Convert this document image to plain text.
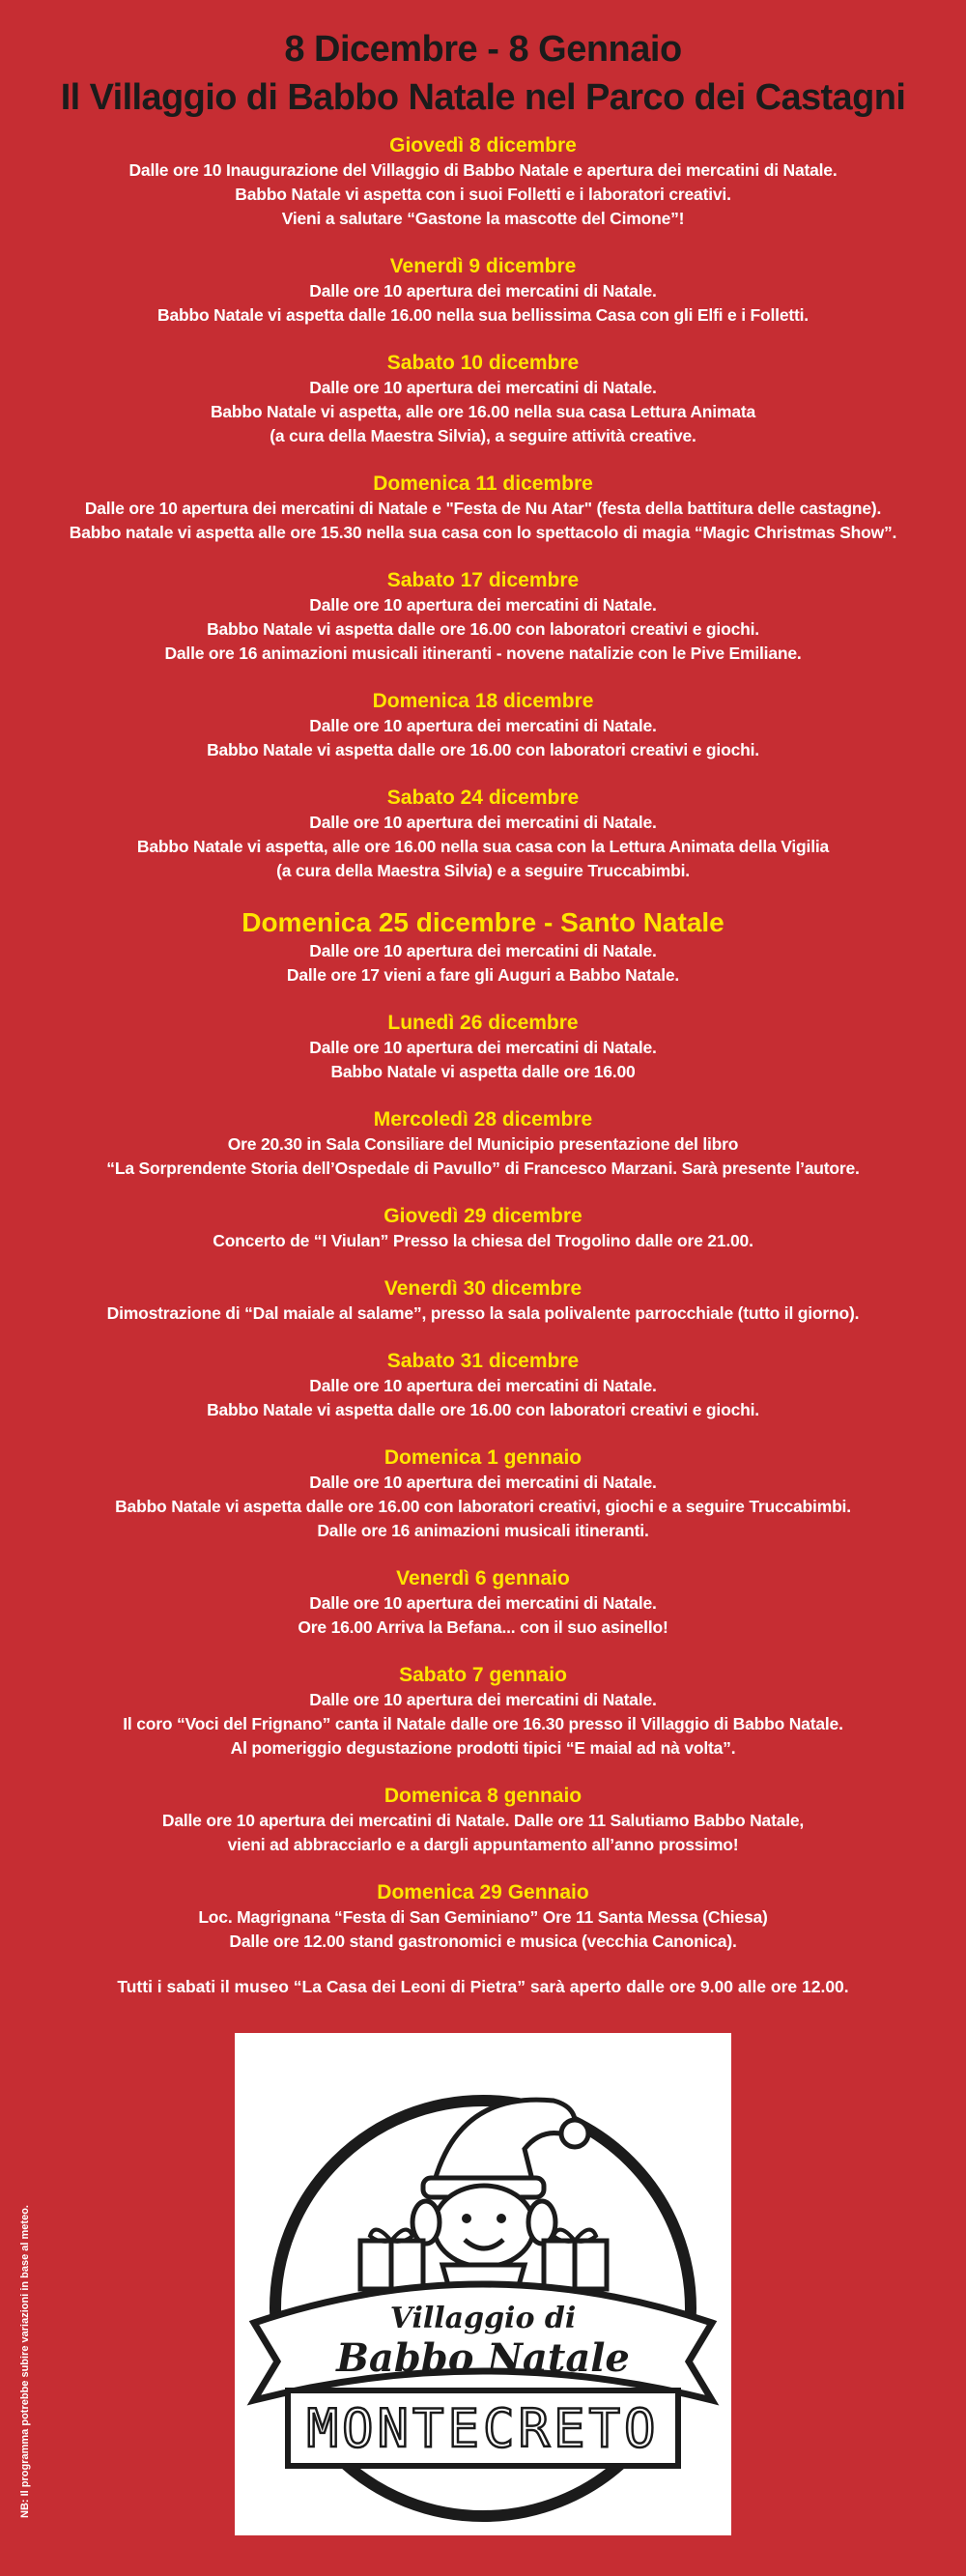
8 Dicembre - 8 Gennaio
Il Villaggio di Babbo Natale nel Parco dei Castagni
Giovedì 8 dicembre
Dalle ore 10 Inaugurazione del Villaggio di Babbo Natale e apertura dei mercatini di Natale.
Babbo Natale vi aspetta con i suoi Folletti e i laboratori creativi.
Vieni a salutare “Gastone la mascotte del Cimone”!
Venerdì 9 dicembre
Dalle ore 10 apertura dei mercatini di Natale.
Babbo Natale vi aspetta dalle 16.00 nella sua bellissima Casa con gli Elfi e i Folletti.
Sabato 10 dicembre
Dalle ore 10 apertura dei mercatini di Natale.
Babbo Natale vi aspetta, alle ore 16.00 nella sua casa Lettura Animata
(a cura della Maestra Silvia), a seguire attività creative.
Domenica 11 dicembre
Dalle ore 10 apertura dei mercatini di Natale e "Festa de Nu Atar" (festa della battitura delle castagne).
Babbo natale vi aspetta alle ore 15.30 nella sua casa con lo spettacolo di magia “Magic Christmas Show”.
Sabato 17 dicembre
Dalle ore 10 apertura dei mercatini di Natale.
Babbo Natale vi aspetta dalle ore 16.00 con laboratori creativi e giochi.
Dalle ore 16 animazioni musicali itineranti - novene natalizie con le Pive Emiliane.
Domenica 18 dicembre
Dalle ore 10 apertura dei mercatini di Natale.
Babbo Natale vi aspetta dalle ore 16.00 con laboratori creativi e giochi.
Sabato 24 dicembre
Dalle ore 10 apertura dei mercatini di Natale.
Babbo Natale vi aspetta, alle ore 16.00 nella sua casa con la Lettura Animata della Vigilia
(a cura della Maestra Silvia) e a seguire Truccabimbi.
Domenica 25 dicembre - Santo Natale
Dalle ore 10 apertura dei mercatini di Natale.
Dalle ore 17 vieni a fare gli Auguri a Babbo Natale.
Lunedì 26 dicembre
Dalle ore 10 apertura dei mercatini di Natale.
Babbo Natale vi aspetta dalle ore 16.00
Mercoledì 28 dicembre
Ore 20.30 in Sala Consiliare del Municipio presentazione del libro
“La Sorprendente Storia dell’Ospedale di Pavullo” di Francesco Marzani. Sarà presente l’autore.
Giovedì 29 dicembre
Concerto de “I Viulan” Presso la chiesa del Trogolino dalle ore 21.00.
Venerdì 30 dicembre
Dimostrazione di “Dal maiale al salame”, presso la sala polivalente parrocchiale (tutto il giorno).
Sabato 31 dicembre
Dalle ore 10 apertura dei mercatini di Natale.
Babbo Natale vi aspetta dalle ore 16.00 con laboratori creativi e giochi.
Domenica 1 gennaio
Dalle ore 10 apertura dei mercatini di Natale.
Babbo Natale vi aspetta dalle ore 16.00 con laboratori creativi, giochi e a seguire Truccabimbi.
Dalle ore 16 animazioni musicali itineranti.
Venerdì 6 gennaio
Dalle ore 10 apertura dei mercatini di Natale.
Ore 16.00 Arriva la Befana... con il suo asinello!
Sabato 7 gennaio
Dalle ore 10 apertura dei mercatini di Natale.
Il coro “Voci del Frignano” canta il Natale dalle ore 16.30 presso il Villaggio di Babbo Natale.
Al pomeriggio degustazione prodotti tipici “E maial ad nà volta”.
Domenica 8 gennaio
Dalle ore 10 apertura dei mercatini di Natale. Dalle ore 11 Salutiamo Babbo Natale,
vieni ad abbracciarlo e a dargli appuntamento all’anno prossimo!
Domenica 29 Gennaio
Loc. Magrignana “Festa di San Geminiano” Ore 11 Santa Messa (Chiesa)
Dalle ore 12.00 stand gastronomici e musica (vecchia Canonica).
Tutti i sabati il museo “La Casa dei Leoni di Pietra” sarà aperto dalle ore 9.00 alle ore 12.00.
NB: Il programma potrebbe subire variazioni in base al meteo.	Villaggio di
Babbo Natale
MONTECRETO
